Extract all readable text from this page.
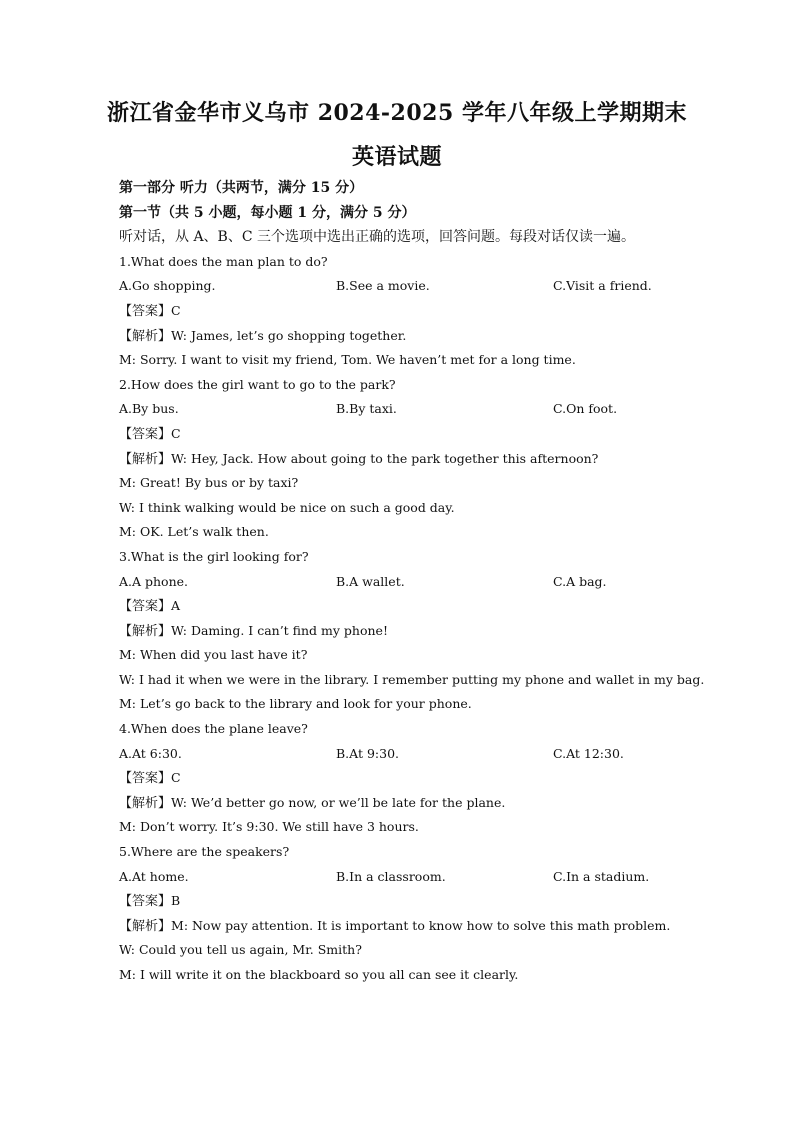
浙江省金华市义乌市 2024-2025 学年八年级上学期期末
英语试题
第一部分 听力（共两节，满分 15 分）
第一节（共 5 小题，每小题 1 分，满分 5 分）
听对话，从 A、B、C 三个选项中选出正确的选项，回答问题。每段对话仅读一遍。
1.What does the man plan to do?
A.Go shopping.	B.See a movie.	C.Visit a friend.
【答案】C
【解析】W: James, let’s go shopping together.
M: Sorry. I want to visit my friend, Tom. We haven’t met for a long time.
2.How does the girl want to go to the park?
A.By bus.	B.By taxi.	C.On foot.
【答案】C
【解析】W: Hey, Jack. How about going to the park together this afternoon?
M: Great! By bus or by taxi?
W: I think walking would be nice on such a good day.
M: OK. Let’s walk then.
3.What is the girl looking for?
A.A phone.	B.A wallet.	C.A bag.
【答案】A
【解析】W: Daming. I can’t find my phone!
M: When did you last have it?
W: I had it when we were in the library. I remember putting my phone and wallet in my bag.
M: Let’s go back to the library and look for your phone.
4.When does the plane leave?
A.At 6:30.	B.At 9:30.	C.At 12:30.
【答案】C
【解析】W: We’d better go now, or we’ll be late for the plane.
M: Don’t worry. It’s 9:30. We still have 3 hours.
5.Where are the speakers?
A.At home.	B.In a classroom.	C.In a stadium.
【答案】B
【解析】M: Now pay attention. It is important to know how to solve this math problem.
W: Could you tell us again, Mr. Smith?
M: I will write it on the blackboard so you all can see it clearly.
